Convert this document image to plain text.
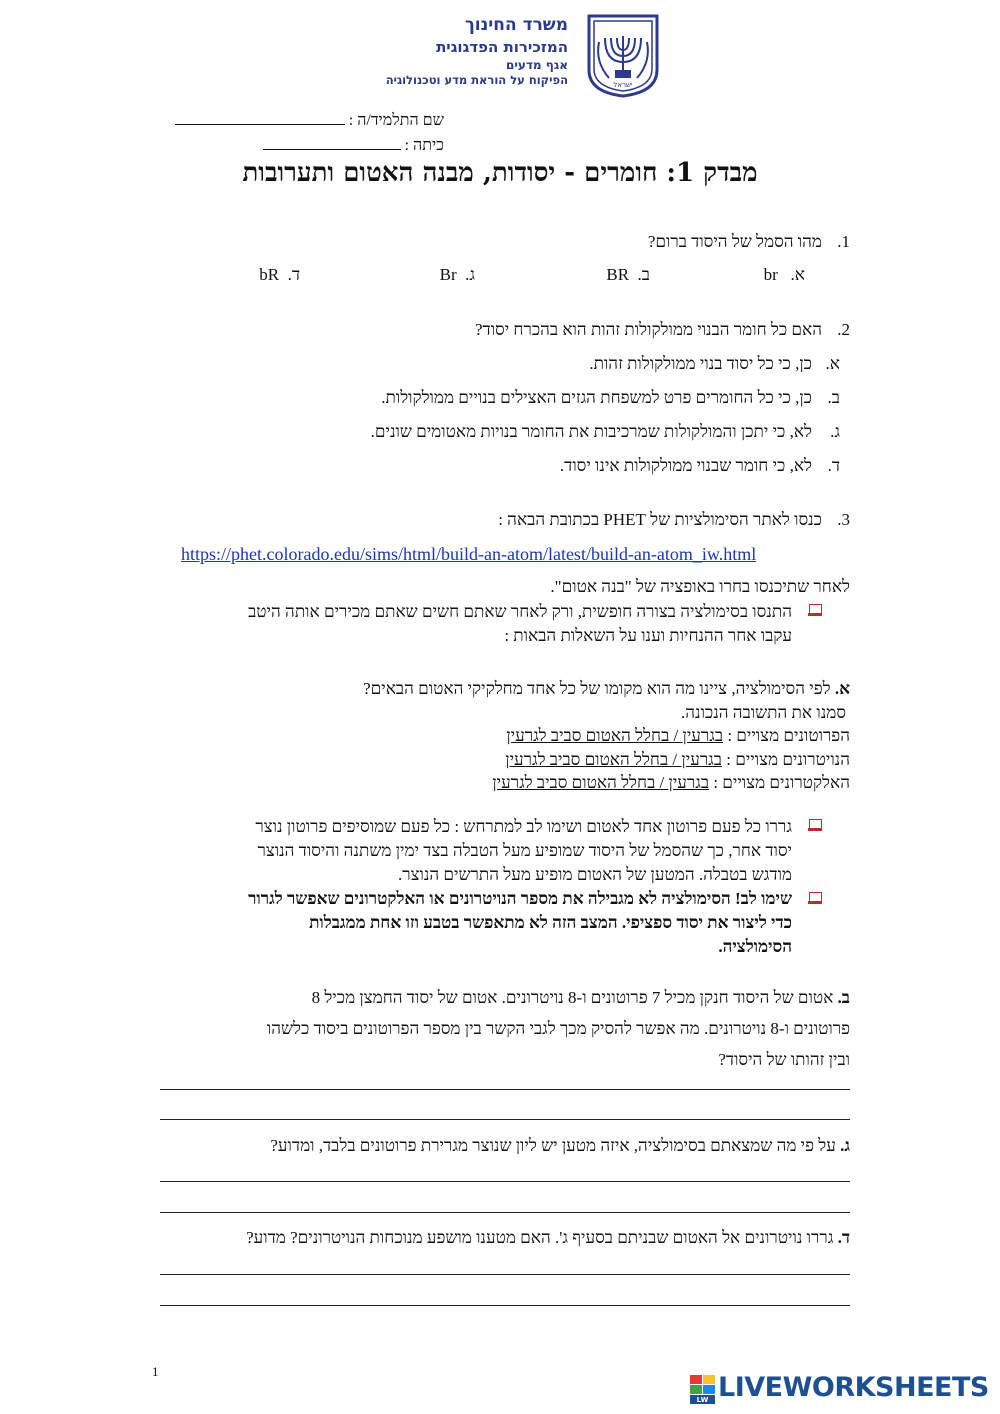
משרד החינוך
המזכירות הפדגוגית
אגף מדעים
הפיקוח על הוראת מדע וטכנולוגיה	ישראל
שם התלמיד/ה :
כיתה :
מבדק 1: חומרים - יסודות, מבנה האטום ותערובות
1.מהו הסמל של היסוד ברום?
א.   br
ב.  BR
ג.  Br
ד.  bR
2.האם כל חומר הבנוי ממולקולות זהות הוא בהכרח יסוד?
א.כן, כי כל יסוד בנוי ממולקולות זהות.
ב.כן, כי כל החומרים פרט למשפחת הגזים האצילים בנויים ממולקולות.
ג.לא, כי יתכן והמולקולות שמרכיבות את החומר בנויות מאטומים שונים.
ד.לא, כי חומר שבנוי ממולקולות אינו יסוד.
3.כנסו לאתר הסימולציות של PHET בכתובת הבאה :
https://phet.colorado.edu/sims/html/build-an-atom/latest/build-an-atom_iw.html
לאחר שתיכנסו בחרו באופציה של "בנה אטום".
התנסו בסימולציה בצורה חופשית, ורק לאחר שאתם חשים שאתם מכירים אותה היטב
עקבו אחר ההנחיות וענו על השאלות הבאות :
א. לפי הסימולציה, ציינו מה הוא מקומו של כל אחד מחלקיקי האטום הבאים?
סמנו את התשובה הנכונה.
הפרוטונים מצויים : בגרעין / בחלל האטום סביב לגרעין
הנויטרונים מצויים : בגרעין / בחלל האטום סביב לגרעין
האלקטרונים מצויים : בגרעין / בחלל האטום סביב לגרעין
גררו כל פעם פרוטון אחד לאטום ושימו לב למתרחש : כל פעם שמוסיפים פרוטון נוצר
יסוד אחר, כך שהסמל של היסוד שמופיע מעל הטבלה בצד ימין משתנה והיסוד הנוצר
מודגש בטבלה. המטען של האטום מופיע מעל התרשים הנוצר.
שימו לב! הסימולציה לא מגבילה את מספר הנויטרונים או האלקטרונים שאפשר לגרור
כדי ליצור את יסוד ספציפי. המצב הזה לא מתאפשר בטבע וזו אחת ממגבלות
הסימולציה.
ב. אטום של היסוד חנקן מכיל 7 פרוטונים ו-8 נויטרונים. אטום של יסוד החמצן מכיל 8
פרוטונים ו-8 נויטרונים. מה אפשר להסיק מכך לגבי הקשר בין מספר הפרוטונים ביסוד כלשהו
ובין זהותו של היסוד?
ג. על פי מה שמצאתם בסימולציה, איזה מטען יש ליון שנוצר מגרירת פרוטונים בלבד, ומדוע?
ד. גררו נויטרונים אל האטום שבניתם בסעיף ג'. האם מטענו מושפע מנוכחות הנויטרונים? מדוע?
1
LW LIVEWORKSHEETS
